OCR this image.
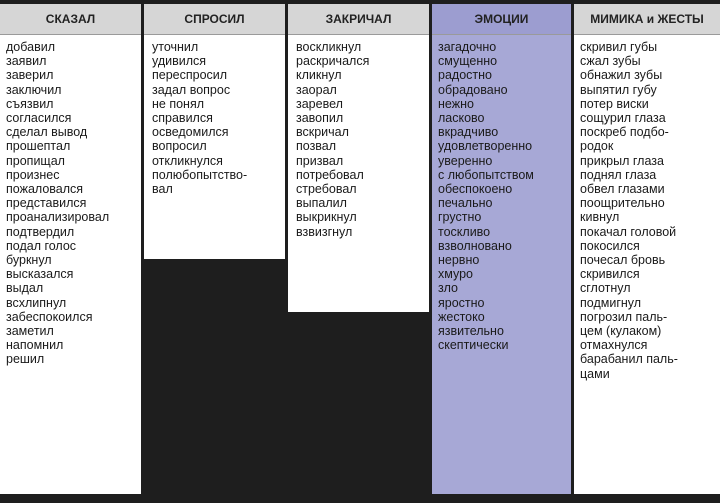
СКАЗАЛ
добавил
заявил
заверил
заключил
съязвил
согласился
сделал вывод
прошептал
пропищал
произнес
пожаловался
представился
проанализировал
подтвердил
подал голос
буркнул
высказался
выдал
всхлипнул
забеспокоился
заметил
напомнил
решил
СПРОСИЛ
уточнил
удивился
переспросил
задал вопрос
не понял
справился
осведомился
вопросил
откликнулся
полюбопытство-
вал
ЗАКРИЧАЛ
воскликнул
раскричался
кликнул
заорал
заревел
завопил
вскричал
позвал
призвал
потребовал
стребовал
выпалил
выкрикнул
взвизгнул
ЭМОЦИИ
загадочно
смущенно
радостно
обрадовано
нежно
ласково
вкрадчиво
удовлетворенно
уверенно
с любопытством
обеспокоено
печально
грустно
тоскливо
взволновано
нервно
хмуро
зло
яростно
жестоко
язвительно
скептически
МИМИКА и ЖЕСТЫ
скривил губы
сжал зубы
обнажил зубы
выпятил губу
потер виски
сощурил глаза
поскреб подбо-
родок
прикрыл глаза
поднял глаза
обвел глазами
поощрительно
кивнул
покачал головой
покосился
почесал бровь
скривился
сглотнул
подмигнул
погрозил паль-
цем (кулаком)
отмахнулся
барабанил паль-
цами
